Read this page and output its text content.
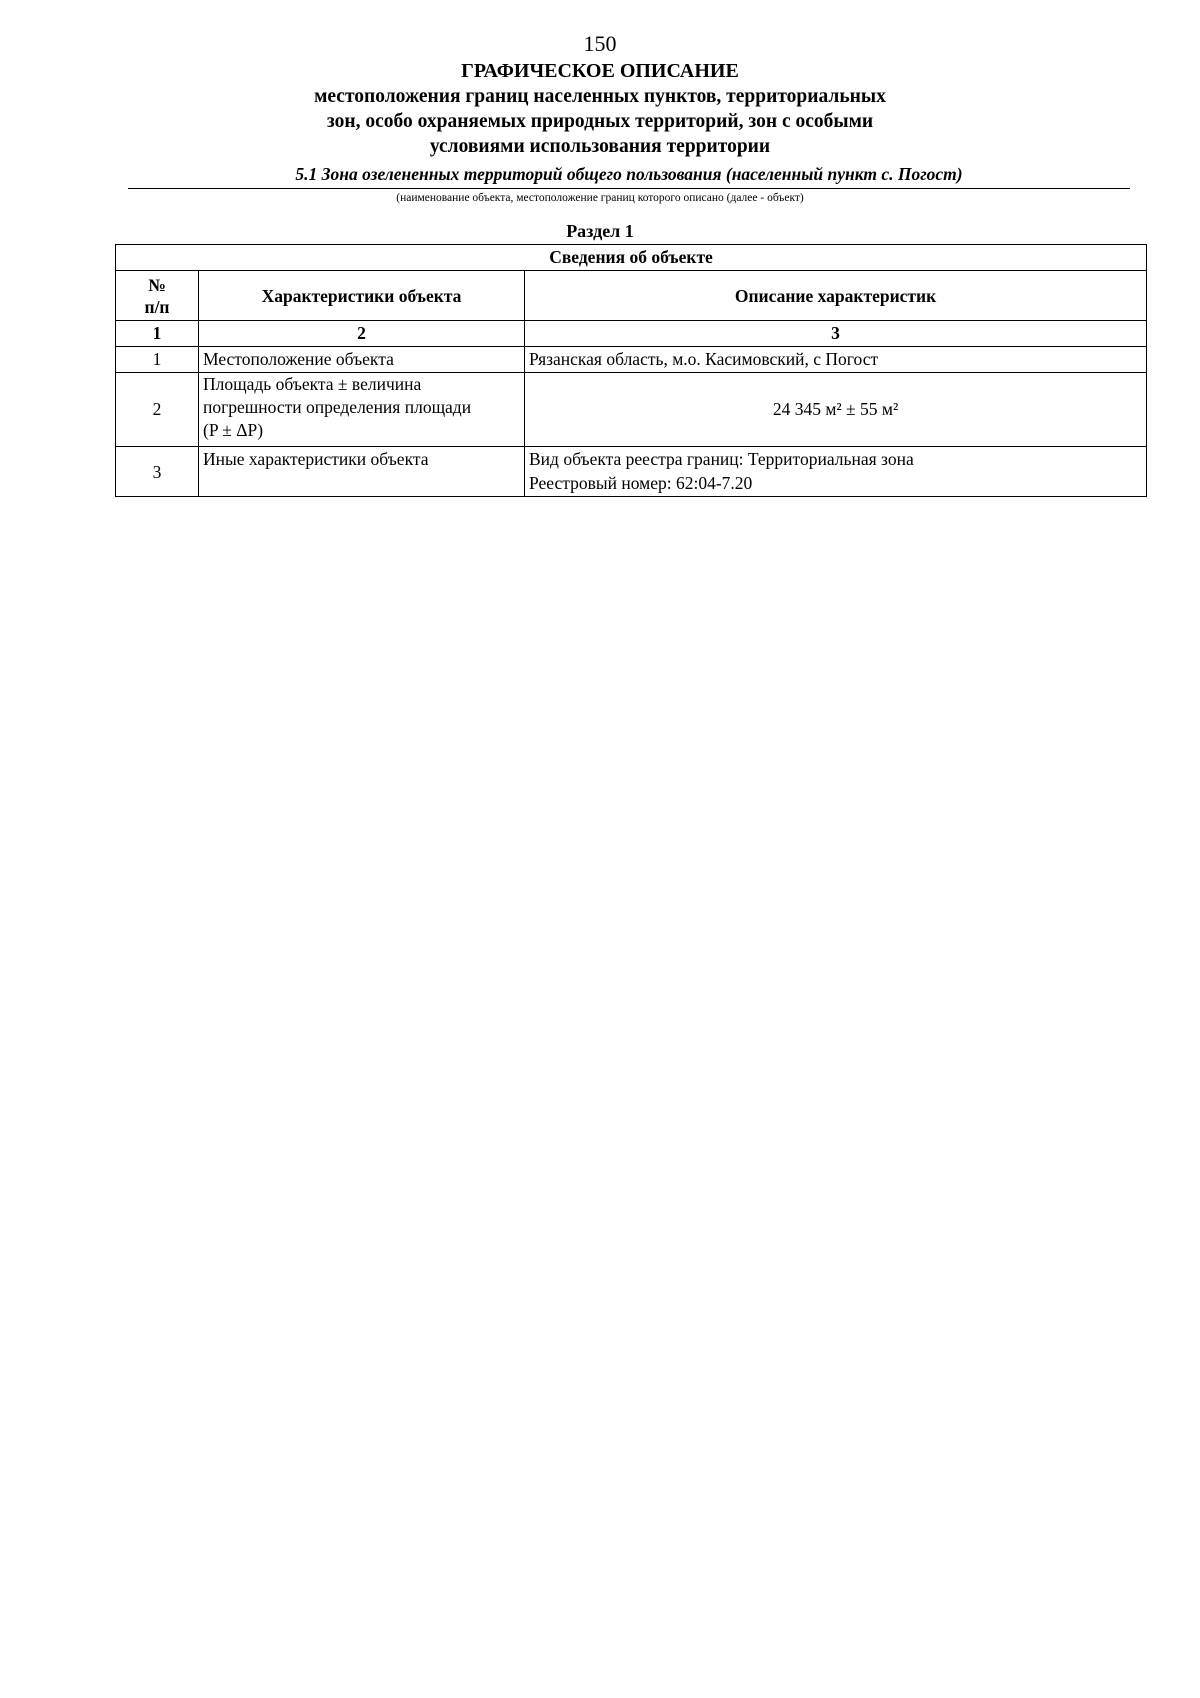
150
ГРАФИЧЕСКОЕ ОПИСАНИЕ
местоположения границ населенных пунктов, территориальных
зон, особо охраняемых природных территорий, зон с особыми
условиями использования территории
5.1 Зона озелененных территорий общего пользования (населенный пункт с. Погост)
(наименование объекта, местоположение границ которого описано (далее - объект)
Раздел 1
Сведения об объекте		

№
п/п	Характеристики объекта	Описание характеристик
1	2	3
1	Местоположение объекта	Рязанская область, м.о. Касимовский, с Погост

2	Площадь объекта ± величина
погрешности определения площади
(P ± ΔP)	24 345 м² ± 55 м²

3	Иные характеристики объекта	Вид объекта реестра границ: Территориальная зона
Реестровый номер: 62:04-7.20
